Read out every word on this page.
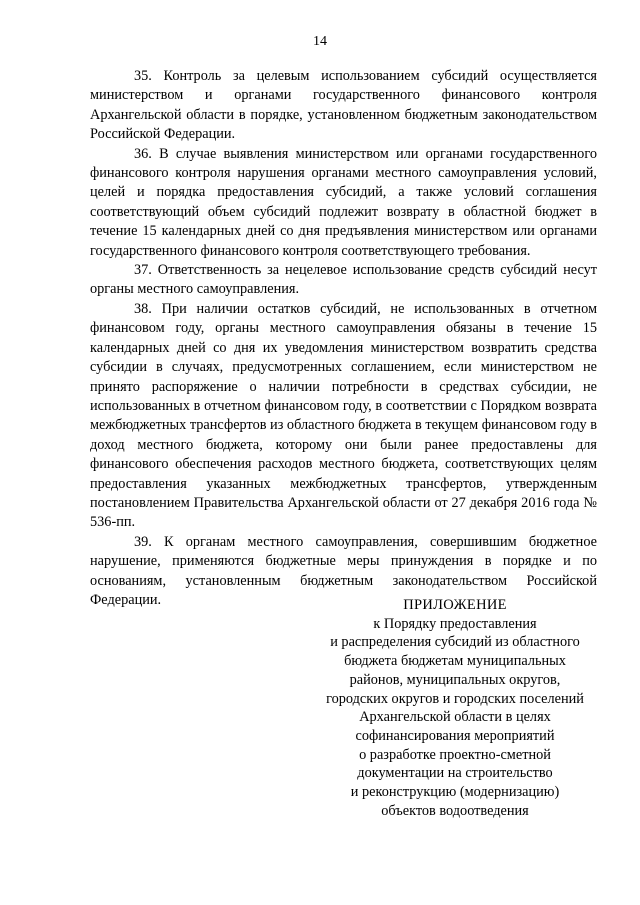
14

35. Контроль за целевым использованием субсидий осуществляется министерством и органами государственного финансового контроля Архангельской области в порядке, установленном бюджетным законодательством Российской Федерации.

36. В случае выявления министерством или органами государственного финансового контроля нарушения органами местного самоуправления условий, целей и порядка предоставления субсидий, а также условий соглашения соответствующий объем субсидий подлежит возврату в областной бюджет в течение 15 календарных дней со дня предъявления министерством или органами государственного финансового контроля соответствующего требования.

37. Ответственность за нецелевое использование средств субсидий несут органы местного самоуправления.

38. При наличии остатков субсидий, не использованных в отчетном финансовом году, органы местного самоуправления обязаны в течение 15 календарных дней со дня их уведомления министерством возвратить средства субсидии в случаях, предусмотренных соглашением, если министерством не принято распоряжение о наличии потребности в средствах субсидии, не использованных в отчетном финансовом году, в соответствии с Порядком возврата межбюджетных трансфертов из областного бюджета в текущем финансовом году в доход местного бюджета, которому они были ранее предоставлены для финансового обеспечения расходов местного бюджета, соответствующих целям предоставления указанных межбюджетных трансфертов, утвержденным постановлением Правительства Архангельской области от 27 декабря 2016 года № 536-пп.

39. К органам местного самоуправления, совершившим бюджетное нарушение, применяются бюджетные меры принуждения в порядке и по основаниям, установленным бюджетным законодательством Российской Федерации.	ПРИЛОЖЕНИЕ
к Порядку предоставления
и распределения субсидий из областного
бюджета бюджетам муниципальных
районов, муниципальных округов,
городских округов и городских поселений
Архангельской области в целях
софинансирования мероприятий
о разработке проектно-сметной
документации на строительство
и реконструкцию (модернизацию)
объектов водоотведения
